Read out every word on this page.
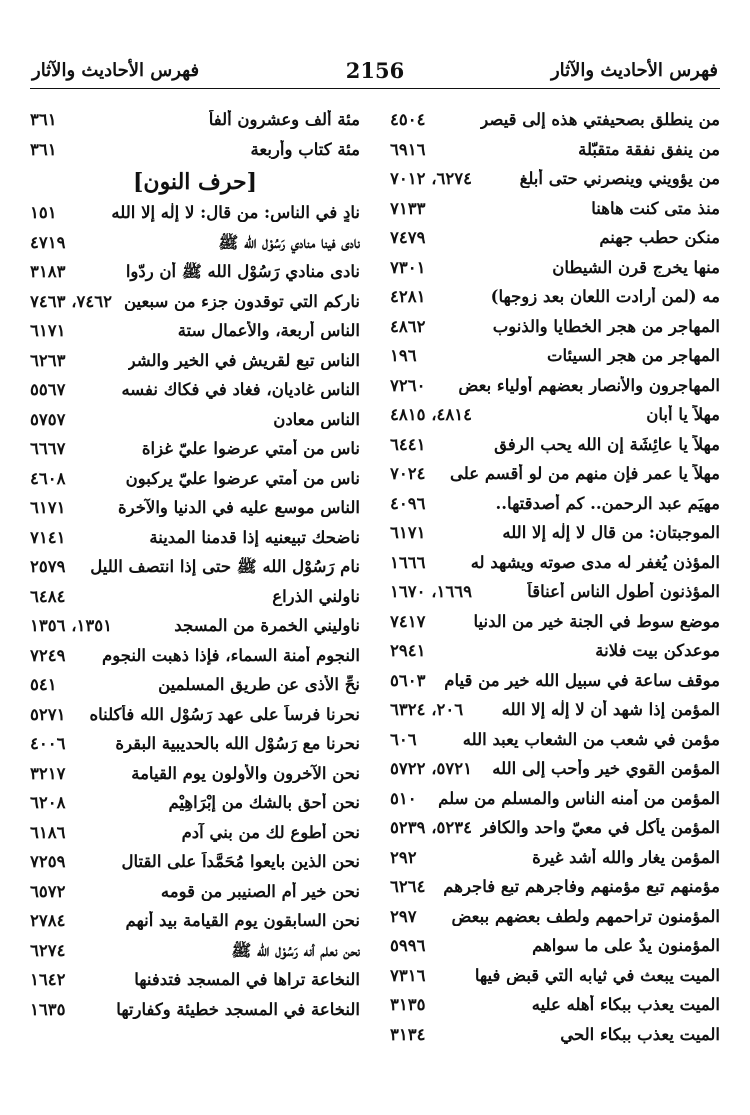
فهرس الأحاديث والآثار
2156
فهرس الأحاديث والآثار
من ينطلق بصحيفتي هذه إلى قيصر
٤٥٠٤
من ينفق نفقة متقبّلة
٦٩١٦
من يؤويني وينصرني حتى أبلغ
٦٢٧٤، ٧٠١٢
منذ متى كنت هاهنا
٧١٣٣
منكن حطب جهنم
٧٤٧٩
منها يخرج قرن الشيطان
٧٣٠١
مه (لمن أرادت اللعان بعد زوجها)
٤٢٨١
المهاجر من هجر الخطايا والذنوب
٤٨٦٢
المهاجر من هجر السيئات
١٩٦
المهاجرون والأنصار بعضهم أولياء بعض
٧٢٦٠
مهلاً يا أبان
٤٨١٤، ٤٨١٥
مهلاً يا عائِشَة إن الله يحب الرفق
٦٤٤١
مهلاً يا عمر فإن منهم من لو أقسم على
٧٠٢٤
مهيَم عبد الرحمن.. كم أصدقتها..
٤٠٩٦
الموجبتان: من قال لا إِلٰه إلا الله
٦١٧١
المؤذن يُغفر له مدى صوته ويشهد له
١٦٦٦
المؤذنون أطول الناس أعناقاً
١٦٦٩، ١٦٧٠
موضع سوط في الجنة خير من الدنيا
٧٤١٧
موعدكن بيت فلانة
٢٩٤١
موقف ساعة في سبيل الله خير من قيام
٥٦٠٣
المؤمن إذا شهد أن لا إِلٰه إلا الله
٢٠٦، ٦٣٢٤
مؤمن في شعب من الشعاب يعبد الله
٦٠٦
المؤمن القوي خير وأحب إلى الله
٥٧٢١، ٥٧٢٢
المؤمن من أمنه الناس والمسلم من سلم
٥١٠
المؤمن يأكل في معيّ واحد والكافر
٥٢٣٤، ٥٢٣٩
المؤمن يغار والله أشد غيرة
٢٩٢
مؤمنهم تبع مؤمنهم وفاجرهم تبع فاجرهم
٦٢٦٤
المؤمنون تراحمهم ولطف بعضهم ببعض
٢٩٧
المؤمنون يدٌ على ما سواهم
٥٩٩٦
الميت يبعث في ثيابه التي قبض فيها
٧٣١٦
الميت يعذب ببكاء أهله عليه
٣١٣٥
الميت يعذب ببكاء الحي
٣١٣٤
مئة ألف وعشرون ألفاً
٣٦١
مئة كتاب وأربعة
٣٦١
[حرف النون]
نادٍ في الناس: من قال: لا إِلٰه إلا الله
١٥١
نادى فينا منادي رَسُوْل الله ﷺ
٤٧١٩
نادى منادي رَسُوْل الله ﷺ أن ردّوا
٣١٨٣
ناركم التي توقدون جزء من سبعين
٧٤٦٢، ٧٤٦٣
الناس أربعة، والأعمال ستة
٦١٧١
الناس تبع لقريش في الخير والشر
٦٢٦٣
الناس غاديان، فغاد في فكاك نفسه
٥٥٦٧
الناس معادن
٥٧٥٧
ناس من أمتي عرضوا عليّ غزاة
٦٦٦٧
ناس من أمتي عرضوا عليّ يركبون
٤٦٠٨
الناس موسع عليه في الدنيا والآخرة
٦١٧١
ناضحك تبيعنيه إذا قدمنا المدينة
٧١٤١
نام رَسُوْل الله ﷺ حتى إذا انتصف الليل
٢٥٧٩
ناولني الذراع
٦٤٨٤
ناوليني الخمرة من المسجد
١٣٥١، ١٣٥٦
النجوم أمنة السماء، فإذا ذهبت النجوم
٧٢٤٩
نحِّ الأذى عن طريق المسلمين
٥٤١
نحرنا فرساً على عهد رَسُوْل الله فأكلناه
٥٢٧١
نحرنا مع رَسُوْل الله بالحديبية البقرة
٤٠٠٦
نحن الآخرون والأولون يوم القيامة
٣٢١٧
نحن أحق بالشك من إبْرَاهِيْم
٦٢٠٨
نحن أطوع لك من بني آدم
٦١٨٦
نحن الذين بايعوا مُحَمَّداً على القتال
٧٢٥٩
نحن خير أم الصنيبر من قومه
٦٥٧٢
نحن السابقون يوم القيامة بيد أنهم
٢٧٨٤
نحن نعلم أنه رَسُوْل الله ﷺ
٦٢٧٤
النخاعة تراها في المسجد فتدفنها
١٦٤٢
النخاعة في المسجد خطيئة وكفارتها
١٦٣٥
